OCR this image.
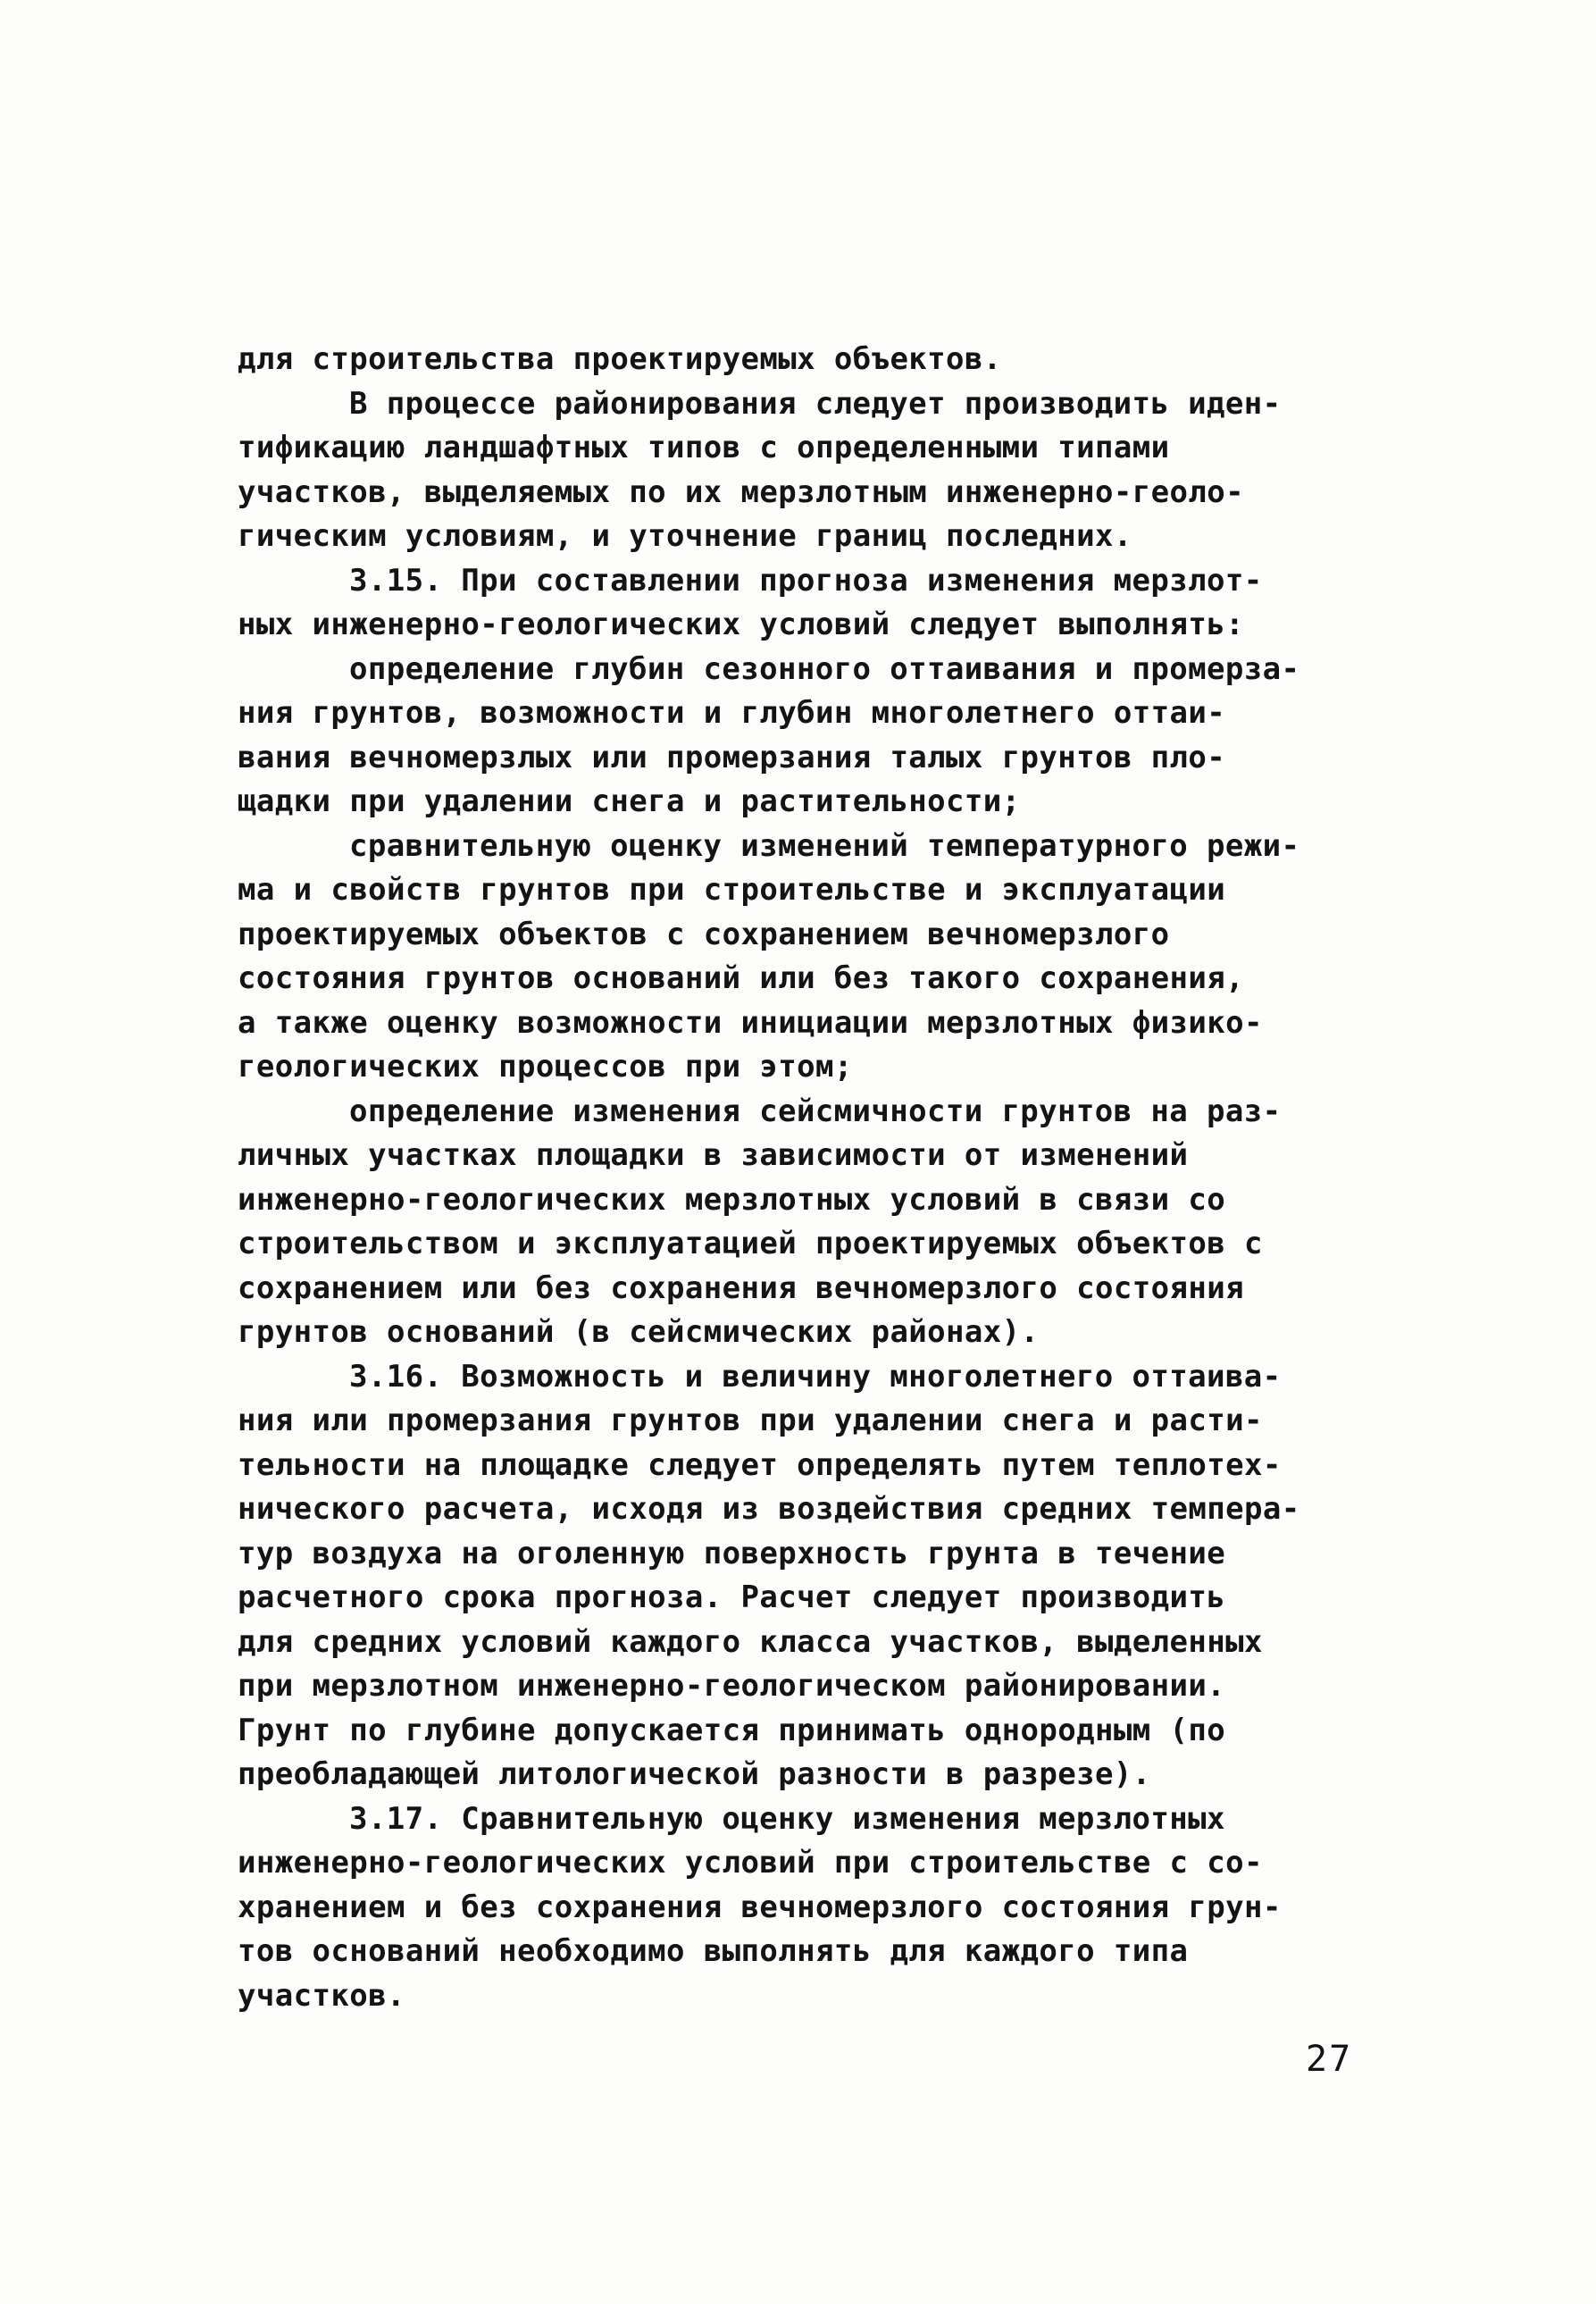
для строительства проектируемых объектов.
В процессе районирования следует производить иден-
тификацию ландшафтных типов с определенными типами
участков, выделяемых по их мерзлотным инженерно-геоло-
гическим условиям, и уточнение границ последних.
3.15. При составлении прогноза изменения мерзлот-
ных инженерно-геологических условий следует выполнять:
определение глубин сезонного оттаивания и промерза-
ния грунтов, возможности и глубин многолетнего оттаи-
вания вечномерзлых или промерзания талых грунтов пло-
щадки при удалении снега и растительности;
сравнительную оценку изменений температурного режи-
ма и свойств грунтов при строительстве и эксплуатации
проектируемых объектов с сохранением вечномерзлого
состояния грунтов оснований или без такого сохранения,
а также оценку возможности инициации мерзлотных физико-
геологических процессов при этом;
определение изменения сейсмичности грунтов на раз-
личных участках площадки в зависимости от изменений
инженерно-геологических мерзлотных условий в связи со
строительством и эксплуатацией проектируемых объектов с
сохранением или без сохранения вечномерзлого состояния
грунтов оснований (в сейсмических районах).
3.16. Возможность и величину многолетнего оттаива-
ния или промерзания грунтов при удалении снега и расти-
тельности на площадке следует определять путем теплотех-
нического расчета, исходя из воздействия средних темпера-
тур воздуха на оголенную поверхность грунта в течение
расчетного срока прогноза. Расчет следует производить
для средних условий каждого класса участков, выделенных
при мерзлотном инженерно-геологическом районировании.
Грунт по глубине допускается принимать однородным (по
преобладающей литологической разности в разрезе).
3.17. Сравнительную оценку изменения мерзлотных
инженерно-геологических условий при строительстве с со-
хранением и без сохранения вечномерзлого состояния грун-
тов оснований необходимо выполнять для каждого типа
участков.
27
